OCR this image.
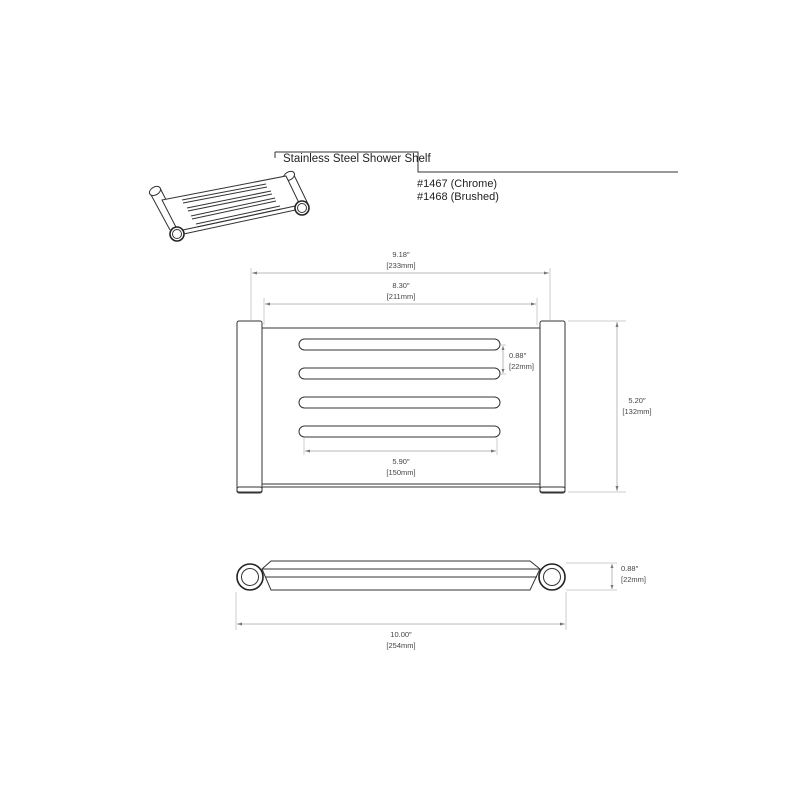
9.18″
[233mm]
8.30″
[211mm]
0.88″
[22mm]
5.90″
[150mm]
5.20″
[132mm]
0.88″
[22mm]
10.00″
[254mm]
Stainless Steel Shower Shelf
#1467 (Chrome)
#1468 (Brushed)
